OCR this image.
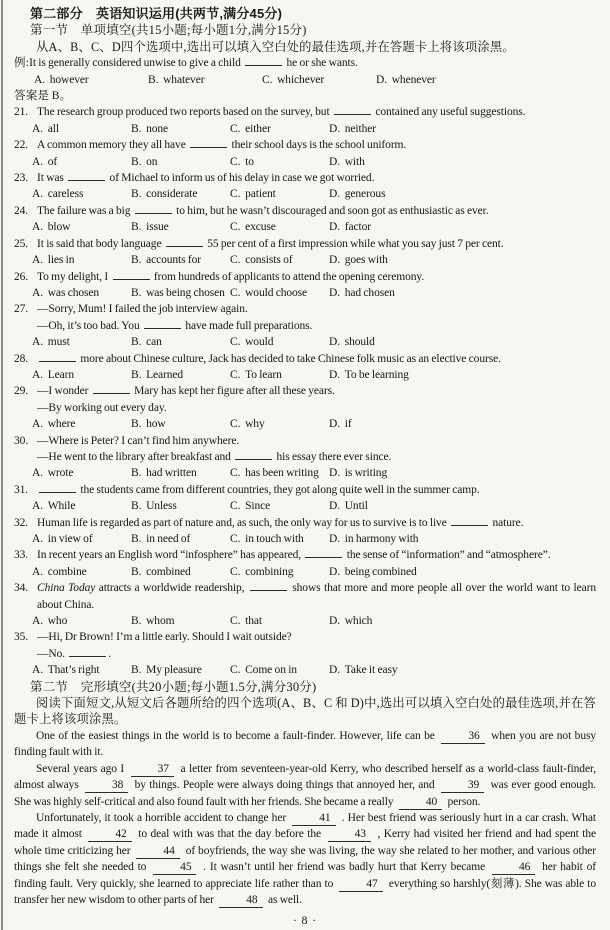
第二部分　英语知识运用(共两节,满分45分)

第一节　单项填空(共15小题;每小题1分,满分15分)

从A、B、C、D四个选项中,选出可以填入空白处的最佳选项,并在答题卡上将该项涂黑。

例:It is generally considered unwise to give a child	he or she wants.

A.  however	B.  whatever	C.  whichever	D.  whenever

答案是 B。

21. The research group produced two reports based on the survey, but	contained any useful suggestions.

A.  all	B.  none	C.  either	D.  neither
22. A common memory they all have	their school days is the school uniform.

A.  of	B.  on	C.  to	D.  with
23. It was	of Michael to inform us of his delay in case we got worried.

A.  careless	B.  considerate	C.  patient	D.  generous
24. The failure was a big	to him, but he wasn’t discouraged and soon got as enthusiastic as ever.

A.  blow	B.  issue	C.  excuse	D.  factor
25. It is said that body language	55 per cent of a first impression while what you say just 7 per cent.

A.  lies in	B.  accounts for	C.  consists of	D.  goes with
26. To my delight, I	from hundreds of applicants to attend the opening ceremony.

A.  was chosen	B.  was being chosen C.  would choose	D.  had chosen
27. —Sorry, Mum! I failed the job interview again.

—Oh, it’s too bad. You	have made full preparations.

A.  must	B.  can	C.  would	D.  should
28.	more about Chinese culture, Jack has decided to take Chinese folk music as an elective course.

A.  Learn	B.  Learned	C.  To learn	D.  To be learning
29. —I wonder	Mary has kept her figure after all these years.

—By working out every day.

A.  where	B.  how	C.  why	D.  if
30. —Where is Peter? I can’t find him anywhere.

—He went to the library after breakfast and	his essay there ever since.

A.  wrote	B.  had written	C.  has been writing D.  is writing
31.	the students came from different countries, they got along quite well in the summer camp.

A.  While	B.  Unless	C.  Since	D.  Until
32. Human life is regarded as part of nature and, as such, the only way for us to survive is to live	nature.

A.  in view of	B.  in need of	C.  in touch with	D.  in harmony with
33. In recent years an English word “infosphere” has appeared,	the sense of “information” and “atmosphere”.

A.  combine	B.  combined	C.  combining	D.  being combined
34. China Today attracts a worldwide readership,	shows that more and more people all over the world want to learn about China.

A.  who	B.  whom	C.  that	D.  which
35. —Hi, Dr Brown! I’m a little early. Should I wait outside?

—No.	.

A.  That’s right	B.  My pleasure	C.  Come on in	D.  Take it easy

第二节　完形填空(共20小题;每小题1.5分,满分30分)

阅读下面短文,从短文后各题所给的四个选项(A、B、C 和 D)中,选出可以填入空白处的最佳选项,并在答题卡上将该项涂黑。

One of the easiest things in the world is to become a fault-finder. However, life can be	36 when you are not busy finding fault with it.

Several years ago I	37 a letter from seventeen-year-old Kerry, who described herself as a world-class fault-finder, almost always	38 by things. People were always doing things that annoyed her, and	39 was ever good enough. She was highly self-critical and also found fault with her friends. She became a really	40 person.

Unfortunately, it took a horrible accident to change her	41 . Her best friend was seriously hurt in a car crash. What made it almost	42 to deal with was that the day before the	43 , Kerry had visited her friend and had spent the whole time criticizing her	44 of boyfriends, the way she was living, the way she related to her mother, and various other things she felt she needed to	45 . It wasn’t until her friend was badly hurt that Kerry became	46 her habit of finding fault. Very quickly, she learned to appreciate life rather than to	47 everything so harshly(刻薄). She was able to transfer her new wisdom to other parts of her	48 as well.

· 8 ·
